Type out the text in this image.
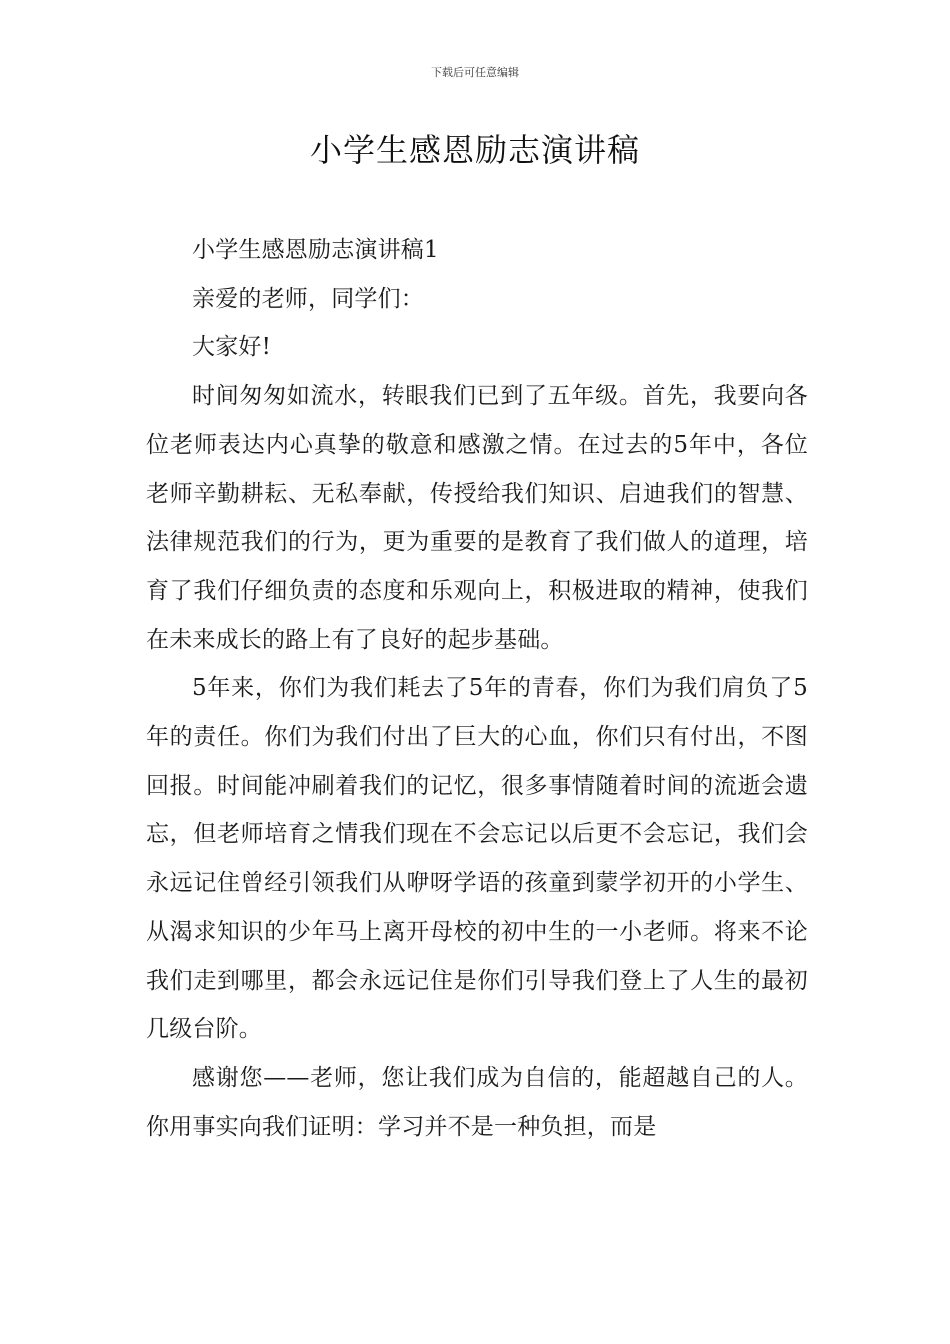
下载后可任意编辑
小学生感恩励志演讲稿

小学生感恩励志演讲稿1

亲爱的老师，同学们：

大家好!

时间匆匆如流水，转眼我们已到了五年级。首先，我要向各位老师表达内心真挚的敬意和感激之情。在过去的5年中，各位老师辛勤耕耘、无私奉献，传授给我们知识、启迪我们的智慧、法律规范我们的行为，更为重要的是教育了我们做人的道理，培育了我们仔细负责的态度和乐观向上，积极进取的精神，使我们在未来成长的路上有了良好的起步基础。

5年来，你们为我们耗去了5年的青春，你们为我们肩负了5年的责任。你们为我们付出了巨大的心血，你们只有付出，不图回报。时间能冲刷着我们的记忆，很多事情随着时间的流逝会遗忘，但老师培育之情我们现在不会忘记以后更不会忘记，我们会永远记住曾经引领我们从咿呀学语的孩童到蒙学初开的小学生、从渴求知识的少年马上离开母校的初中生的一小老师。将来不论我们走到哪里，都会永远记住是你们引导我们登上了人生的最初几级台阶。

感谢您——老师，您让我们成为自信的，能超越自己的人。你用事实向我们证明：学习并不是一种负担，而是
